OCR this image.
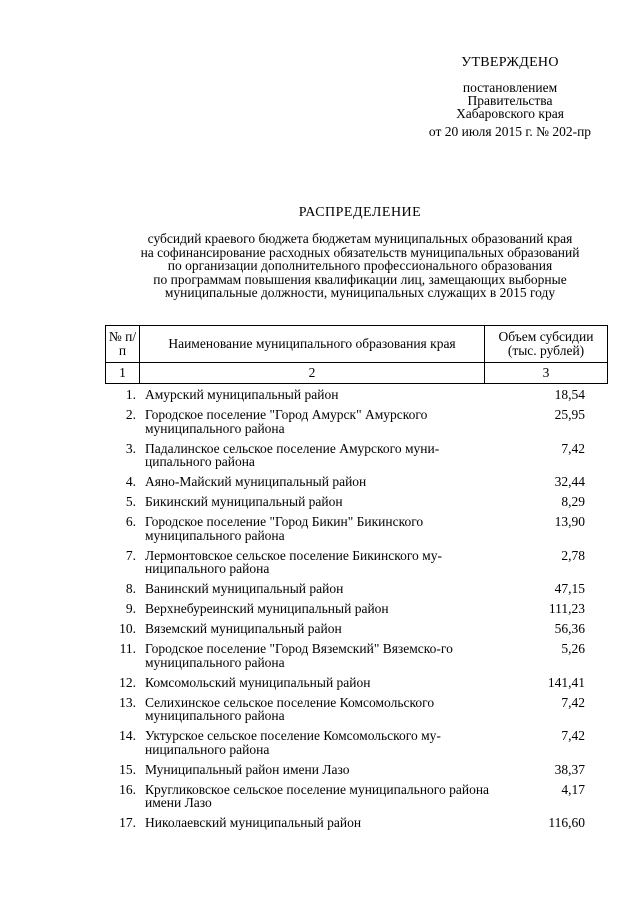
УТВЕРЖДЕНО
постановлением
Правительства
Хабаровского края
от 20 июля 2015 г. № 202-пр
РАСПРЕДЕЛЕНИЕ
субсидий краевого бюджета бюджетам муниципальных образований края
на софинансирование расходных обязательств муниципальных образований
по организации дополнительного профессионального образования
по программам повышения квалификации лиц, замещающих выборные
муниципальные должности, муниципальных служащих в 2015 году
№ п/п	Наименование муниципального образования края	Объем субсидии (тыс. рублей)
1	2	3
1. Амурский муниципальный район	18,54
2. Городское поселение "Город Амурск" Амурского муниципального района
25,95
3. Падалинское сельское поселение Амурского муни-ципального района
7,42
4. Аяно-Майский муниципальный район	32,44
5. Бикинский муниципальный район	8,29
6. Городское поселение "Город Бикин" Бикинского муниципального района
13,90
7. Лермонтовское сельское поселение Бикинского му-ниципального района
2,78
8. Ванинский муниципальный район	47,15
9. Верхнебуреинский муниципальный район	111,23
10. Вяземский муниципальный район	56,36
11. Городское поселение "Город Вяземский" Вяземско-го муниципального района
5,26
12. Комсомольский муниципальный район	141,41
13. Селихинское сельское поселение Комсомольского муниципального района
7,42
14. Уктурское сельское поселение Комсомольского му-ниципального района
7,42
15. Муниципальный район имени Лазо	38,37
16. Кругликовское сельское поселение муниципального района имени Лазо
4,17
17. Николаевский муниципальный район	116,60
